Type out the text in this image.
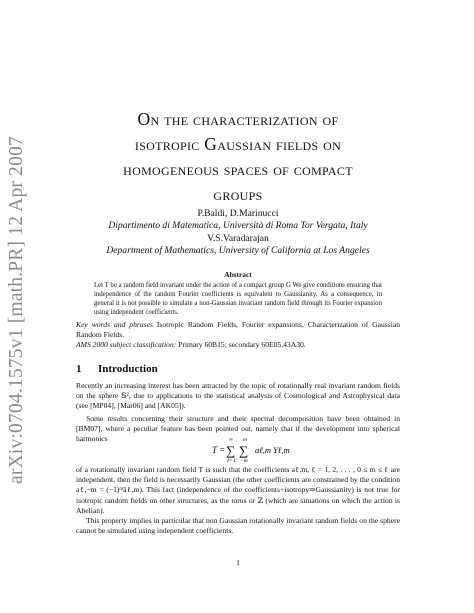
arXiv:0704.1575v1 [math.PR] 12 Apr 2007
On the characterization of
isotropic Gaussian fields on
homogeneous spaces of compact
groups
P.Baldi, D.Marinucci
Dipartimento di Matematica, Università di Roma Tor Vergata, Italy
V.S.Varadarajan
Department of Mathematics, University of California at Los Angeles
Abstract
Let T be a random field invariant under the action of a compact group G We give conditions ensuring that independence of the random Fourier coefficients is equivalent to Gaussianity. As a consequence, in general it is not possible to simulate a non-Gaussian invariant random field through its Fourier expansion using independent coefficients.
Key words and phrases Isotropic Random Fields, Fourier expansions, Characterization of Gaussian Random Fields.
AMS 2000 subject classification: Primary 60B15; secondary 60E05,43A30.
1 Introduction
Recently an increasing interest has been attracted by the topic of rotationally real invariant random fields on the sphere 𝕊², due to applications to the statistical analysis of Cosmological and Astrophysical data (see [MP04], [Mar06] and [AK05]).
Some results concerning their structure and their spectral decomposition have been obtained in [BM07], where a peculiar feature has been pointed out, namely that if the development into spherical harmonics
T =
∞
∑
ℓ=1
m
∑
−m
aℓ,m Yℓ,m
of a rotationally invariant random field T is such that the coefficients aℓ,m, ℓ = 1, 2, . . . , 0 ≤ m ≤ ℓ are independent, then the field is necessarily Gaussian (the other coefficients are constrained by the condition aℓ,−m = (−1)ᵐāℓ,m). This fact (independence of the coefficients+isotropy⇒Gaussianity) is not true for isotropic random fields on other structures, as the torus or ℤ (which are situations on which the action is Abelian).
This property implies in particular that non Gaussian rotationally invariant random fields on the sphere cannot be simulated using independent coefficients.
1
